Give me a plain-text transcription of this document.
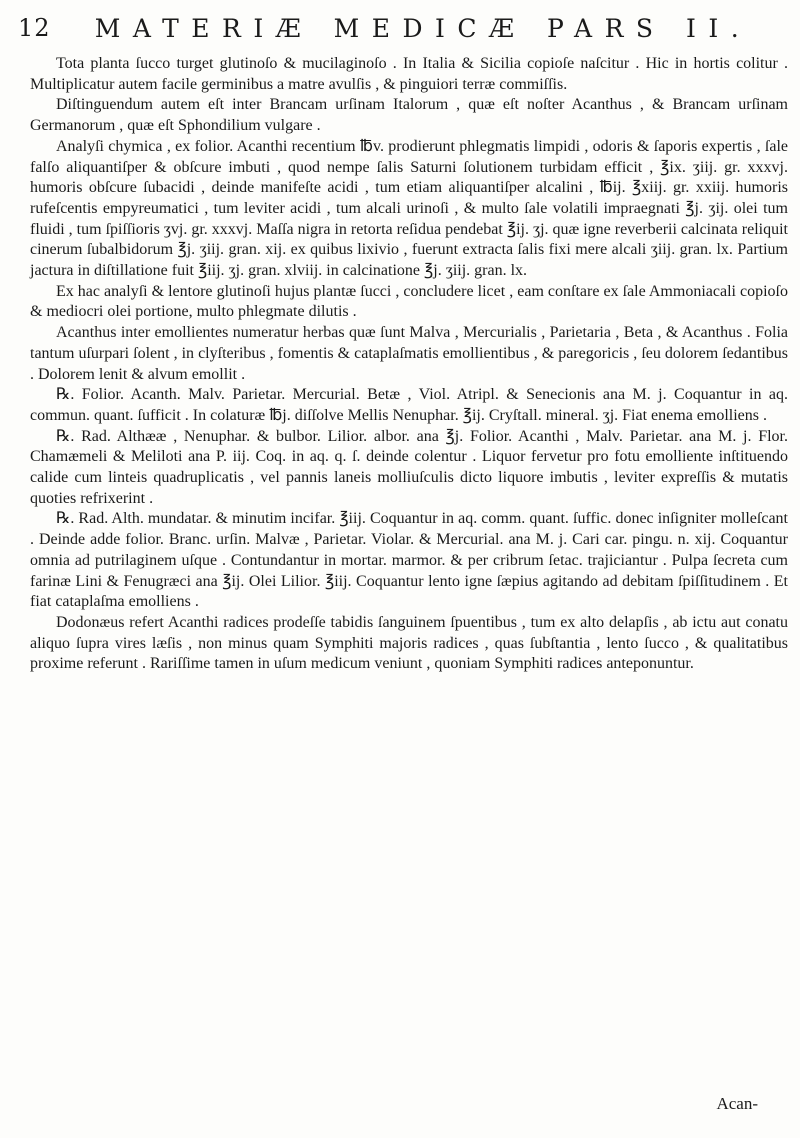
12	MATERIÆ MEDICÆ PARS II.

Tota planta ſucco turget glutinoſo & mucilaginoſo . In Italia & Sicilia copioſe naſcitur . Hic in hortis colitur . Multiplicatur autem facile germinibus a matre avulſis , & pinguiori terræ commiſſis.

Diſtinguendum autem eſt inter Brancam urſinam Italorum , quæ eſt noſter Acanthus , & Brancam urſinam Germanorum , quæ eſt Sphondilium vulgare .

Analyſi chymica , ex folior. Acanthi recentium ℔v. prodierunt phlegmatis limpidi , odoris & ſaporis expertis , ſale falſo aliquantiſper & obſcure imbuti , quod nempe ſalis Saturni ſolutionem turbidam efficit , ℥ix. ʒiij. gr. xxxvj. humoris obſcure ſubacidi , deinde manifeſte acidi , tum etiam aliquantiſper alcalini , ℔ij. ℥xiij. gr. xxiij. humoris rufeſcentis empyreumatici , tum leviter acidi , tum alcali urinoſi , & multo ſale volatili impraegnati ℥j. ʒij. olei tum fluidi , tum ſpiſſioris ʒvj. gr. xxxvj. Maſſa nigra in retorta reſidua pendebat ℥ij. ʒj. quæ igne reverberii calcinata reliquit cinerum ſubalbidorum ℥j. ʒiij. gran. xij. ex quibus lixivio , fuerunt extracta ſalis fixi mere alcali ʒiij. gran. lx. Partium jactura in diſtillatione fuit ℥iij. ʒj. gran. xlviij. in calcinatione ℥j. ʒiij. gran. lx.

Ex hac analyſi & lentore glutinoſi hujus plantæ ſucci , concludere licet , eam conſtare ex ſale Ammoniacali copioſo & mediocri olei portione, multo phlegmate dilutis .

Acanthus inter emollientes numeratur herbas quæ ſunt Malva , Mercurialis , Parietaria , Beta , & Acanthus . Folia tantum uſurpari ſolent , in clyſteribus , fomentis & cataplaſmatis emollientibus , & paregoricis , ſeu dolorem ſedantibus . Dolorem lenit & alvum emollit .

℞. Folior. Acanth. Malv. Parietar. Mercurial. Betæ , Viol. Atripl. & Senecionis ana M. j. Coquantur in aq. commun. quant. ſufficit . In colaturæ ℔j. diſſolve Mellis Nenuphar. ℥ij. Cryſtall. mineral. ʒj. Fiat enema emolliens .

℞. Rad. Althææ , Nenuphar. & bulbor. Lilior. albor. ana ℥j. Folior. Acanthi , Malv. Parietar. ana M. j. Flor. Chamæmeli & Meliloti ana P. iij. Coq. in aq. q. ſ. deinde colentur . Liquor fervetur pro fotu emolliente inſtituendo calide cum linteis quadruplicatis , vel pannis laneis molliuſculis dicto liquore imbutis , leviter expreſſis & mutatis quoties refrixerint .

℞. Rad. Alth. mundatar. & minutim incifar. ℥iij. Coquantur in aq. comm. quant. ſuffic. donec inſigniter molleſcant . Deinde adde folior. Branc. urſin. Malvæ , Parietar. Violar. & Mercurial. ana M. j. Cari car. pingu. n. xij. Coquantur omnia ad putrilaginem uſque . Contundantur in mortar. marmor. & per cribrum ſetac. trajiciantur . Pulpa ſecreta cum farinæ Lini & Fenugræci ana ℥ij. Olei Lilior. ℥iij. Coquantur lento igne ſæpius agitando ad debitam ſpiſſitudinem . Et fiat cataplaſma emolliens .

Dodonæus refert Acanthi radices prodeſſe tabidis ſanguinem ſpuentibus , tum ex alto delapſis , ab ictu aut conatu aliquo ſupra vires læſis , non minus quam Symphiti majoris radices , quas ſubſtantia , lento ſucco , & qualitatibus proxime referunt . Rariſſime tamen in uſum medicum veniunt , quoniam Symphiti radices anteponuntur.

Acan-
